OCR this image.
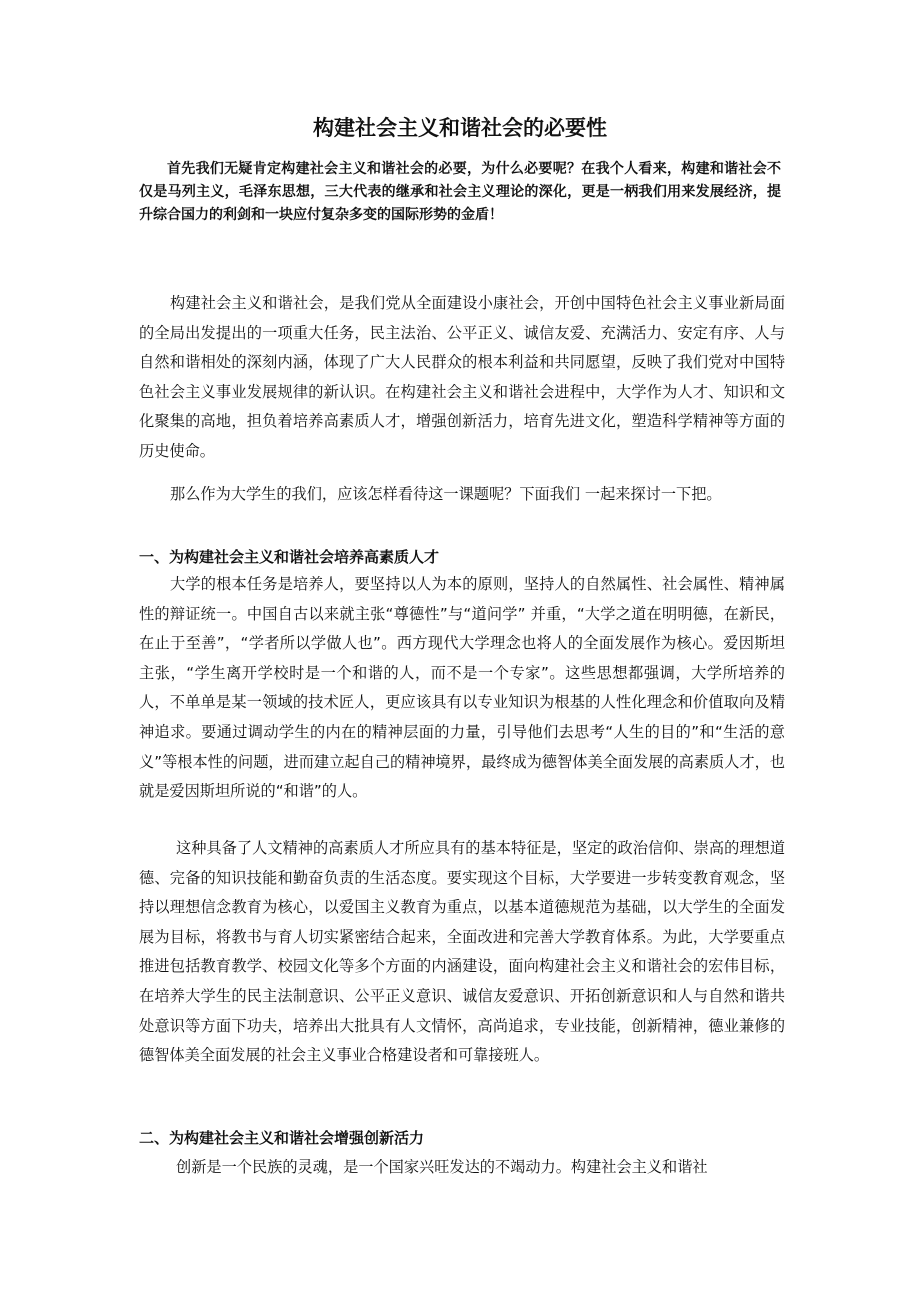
构建社会主义和谐社会的必要性

首先我们无疑肯定构建社会主义和谐社会的必要，为什么必要呢？在我个人看来，构建和谐社会不仅是马列主义，毛泽东思想，三大代表的继承和社会主义理论的深化，更是一柄我们用来发展经济，提升综合国力的利剑和一块应付复杂多变的国际形势的金盾！

构建社会主义和谐社会，是我们党从全面建设小康社会，开创中国特色社会主义事业新局面的全局出发提出的一项重大任务，民主法治、公平正义、诚信友爱、充满活力、安定有序、人与自然和谐相处的深刻内涵，体现了广大人民群众的根本利益和共同愿望，反映了我们党对中国特色社会主义事业发展规律的新认识。在构建社会主义和谐社会进程中，大学作为人才、知识和文化聚集的高地，担负着培养高素质人才，增强创新活力，培育先进文化，塑造科学精神等方面的历史使命。

那么作为大学生的我们，应该怎样看待这一课题呢？下面我们 一起来探讨一下把。

一、为构建社会主义和谐社会培养高素质人才

大学的根本任务是培养人，要坚持以人为本的原则，坚持人的自然属性、社会属性、精神属性的辩证统一。中国自古以来就主张“尊德性”与“道问学” 并重，“大学之道在明明德，在新民，在止于至善”，“学者所以学做人也”。西方现代大学理念也将人的全面发展作为核心。爱因斯坦主张，“学生离开学校时是一个和谐的人，而不是一个专家”。这些思想都强调，大学所培养的人，不单单是某一领域的技术匠人，更应该具有以专业知识为根基的人性化理念和价值取向及精神追求。要通过调动学生的内在的精神层面的力量，引导他们去思考“人生的目的”和“生活的意义”等根本性的问题，进而建立起自己的精神境界，最终成为德智体美全面发展的高素质人才，也就是爱因斯坦所说的“和谐”的人。

这种具备了人文精神的高素质人才所应具有的基本特征是，坚定的政治信仰、崇高的理想道德、完备的知识技能和勤奋负责的生活态度。要实现这个目标，大学要进一步转变教育观念，坚持以理想信念教育为核心，以爱国主义教育为重点，以基本道德规范为基础，以大学生的全面发展为目标，将教书与育人切实紧密结合起来，全面改进和完善大学教育体系。为此，大学要重点推进包括教育教学、校园文化等多个方面的内涵建设，面向构建社会主义和谐社会的宏伟目标，在培养大学生的民主法制意识、公平正义意识、诚信友爱意识、开拓创新意识和人与自然和谐共处意识等方面下功夫，培养出大批具有人文情怀，高尚追求，专业技能，创新精神，德业兼修的德智体美全面发展的社会主义事业合格建设者和可靠接班人。

二、为构建社会主义和谐社会增强创新活力

创新是一个民族的灵魂，是一个国家兴旺发达的不竭动力。构建社会主义和谐社
